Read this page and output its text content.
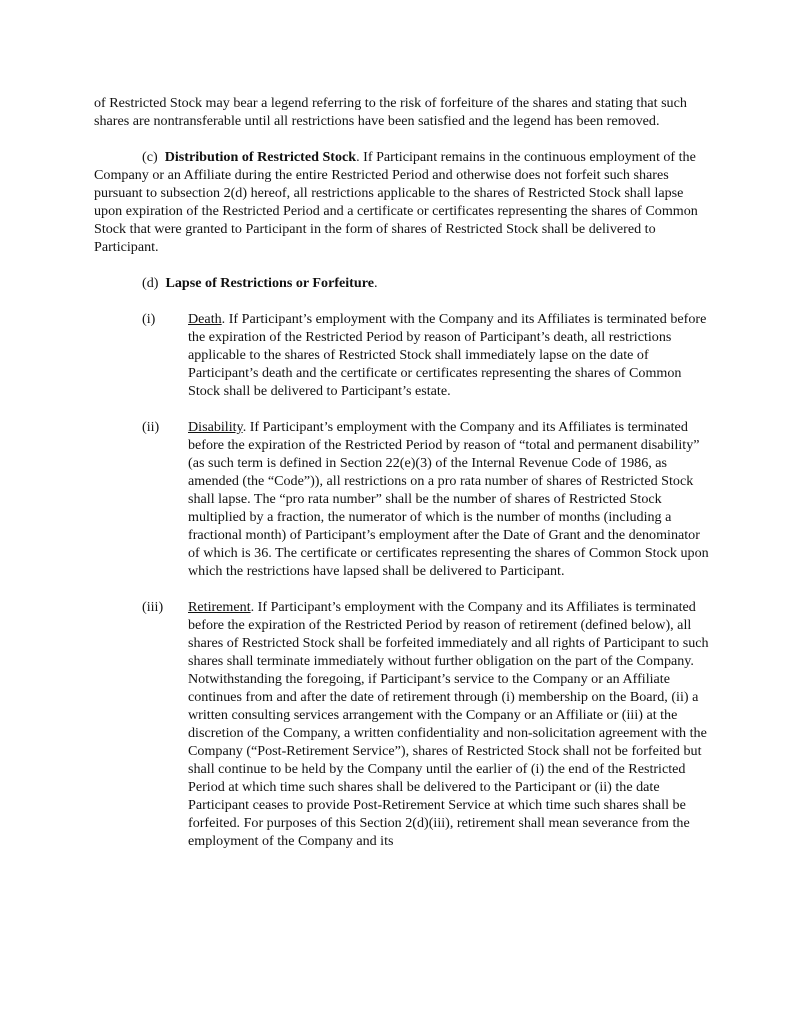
of Restricted Stock may bear a legend referring to the risk of forfeiture of the shares and stating that such shares are nontransferable until all restrictions have been satisfied and the legend has been removed.

(c) Distribution of Restricted Stock. If Participant remains in the continuous employment of the Company or an Affiliate during the entire Restricted Period and otherwise does not forfeit such shares pursuant to subsection 2(d) hereof, all restrictions applicable to the shares of Restricted Stock shall lapse upon expiration of the Restricted Period and a certificate or certificates representing the shares of Common Stock that were granted to Participant in the form of shares of Restricted Stock shall be delivered to Participant.

(d) Lapse of Restrictions or Forfeiture.

(i)	Death. If Participant’s employment with the Company and its Affiliates is terminated before the expiration of the Restricted Period by reason of Participant’s death, all restrictions applicable to the shares of Restricted Stock shall immediately lapse on the date of Participant’s death and the certificate or certificates representing the shares of Common Stock shall be delivered to Participant’s estate.
(ii)	Disability. If Participant’s employment with the Company and its Affiliates is terminated before the expiration of the Restricted Period by reason of “total and permanent disability” (as such term is defined in Section 22(e)(3) of the Internal Revenue Code of 1986, as amended (the “Code”)), all restrictions on a pro rata number of shares of Restricted Stock shall lapse. The “pro rata number” shall be the number of shares of Restricted Stock multiplied by a fraction, the numerator of which is the number of months (including a fractional month) of Participant’s employment after the Date of Grant and the denominator of which is 36. The certificate or certificates representing the shares of Common Stock upon which the restrictions have lapsed shall be delivered to Participant.
(iii)	Retirement. If Participant’s employment with the Company and its Affiliates is terminated before the expiration of the Restricted Period by reason of retirement (defined below), all shares of Restricted Stock shall be forfeited immediately and all rights of Participant to such shares shall terminate immediately without further obligation on the part of the Company. Notwithstanding the foregoing, if Participant’s service to the Company or an Affiliate continues from and after the date of retirement through (i) membership on the Board, (ii) a written consulting services arrangement with the Company or an Affiliate or (iii) at the discretion of the Company, a written confidentiality and non-solicitation agreement with the Company (“Post-Retirement Service”), shares of Restricted Stock shall not be forfeited but shall continue to be held by the Company until the earlier of (i) the end of the Restricted Period at which time such shares shall be delivered to the Participant or (ii) the date Participant ceases to provide Post-Retirement Service at which time such shares shall be forfeited. For purposes of this Section 2(d)(iii), retirement shall mean severance from the employment of the Company and its
